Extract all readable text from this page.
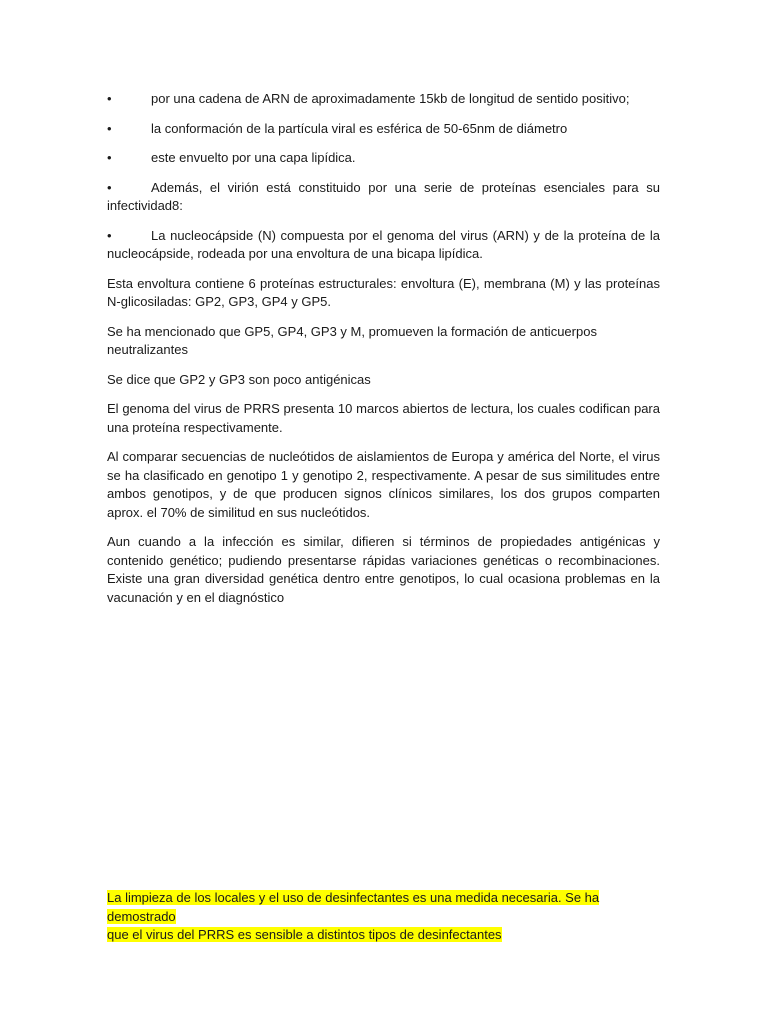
•	por una cadena de ARN de aproximadamente 15kb de longitud de sentido positivo;
•	la conformación de la partícula viral es esférica de 50-65nm de diámetro
•	este envuelto por una capa lipídica.
•	Además, el virión está constituido por una serie de proteínas esenciales para su infectividad8:
•	La nucleocápside (N) compuesta por el genoma del virus (ARN) y de la proteína de la nucleocápside, rodeada por una envoltura de una bicapa lipídica.

Esta envoltura contiene 6 proteínas estructurales: envoltura (E), membrana (M) y las proteínas N-glicosiladas: GP2, GP3, GP4 y GP5.

Se ha mencionado que GP5, GP4, GP3 y M, promueven la formación de anticuerpos neutralizantes

Se dice que GP2 y GP3 son poco antigénicas

El genoma del virus de PRRS presenta 10 marcos abiertos de lectura, los cuales codifican para una proteína respectivamente.

Al comparar secuencias de nucleótidos de aislamientos de Europa y américa del Norte, el virus se ha clasificado en genotipo 1 y genotipo 2, respectivamente. A pesar de sus similitudes entre ambos genotipos, y de que producen signos clínicos similares, los dos grupos comparten aprox. el 70% de similitud en sus nucleótidos.

Aun cuando a la infección es similar, difieren si términos de propiedades antigénicas y contenido genético; pudiendo presentarse rápidas variaciones genéticas o recombinaciones. Existe una gran diversidad genética dentro entre genotipos, lo cual ocasiona problemas en la vacunación y en el diagnóstico

La limpieza de los locales y el uso de desinfectantes es una medida necesaria. Se ha demostrado
que el virus del PRRS es sensible a distintos tipos de desinfectantes
